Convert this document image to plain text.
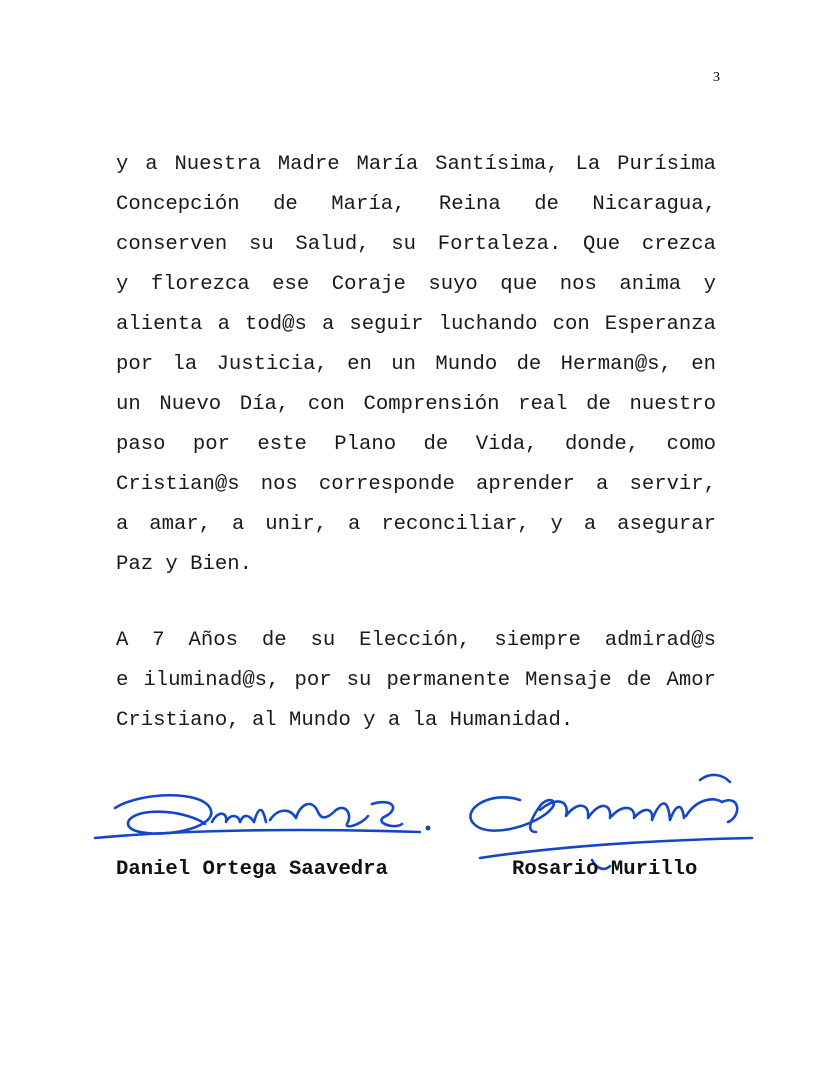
3
y a Nuestra Madre María Santísima, La Purísima
Concepción de María, Reina de Nicaragua,
conserven su Salud, su Fortaleza. Que crezca
y florezca ese Coraje suyo que nos anima y
alienta a tod@s a seguir luchando con Esperanza
por la Justicia, en un Mundo de Herman@s, en
un Nuevo Día, con Comprensión real de nuestro
paso por este Plano de Vida, donde, como
Cristian@s nos corresponde aprender a servir,
a amar, a unir, a reconciliar, y a asegurar
Paz y Bien.
A 7 Años de su Elección, siempre admirad@s
e iluminad@s, por su permanente Mensaje de Amor
Cristiano, al Mundo y a la Humanidad.
Daniel Ortega Saavedra	Rosario Murillo
